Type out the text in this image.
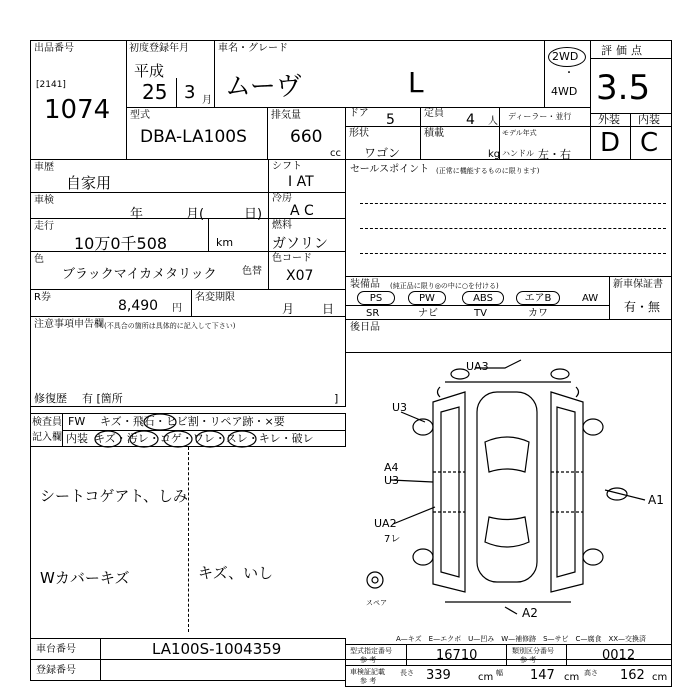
出品番号
[2141]
1074
初度登録年月
平成
25 3 月
車名・グレード
ムーヴ	L
2WD
・
4WD
評価点
3.5
外装 内装
D C
型式
DBA-LA100S
排気量
660
cc
ドア 5	定員 4 人 ディーラー・並行
形状
ワゴン
積載
kg
モデル年式
ハンドル 左・右
車歴
自家用
シフト
I AT
車検
年	月(	日)
冷房
A C
走行
10万0千508	km
燃料
ガソリン
色
ブラックマイカメタリック	色替
色コード
X07
R券
8,490 円
名変期限
月 日
注意事項申告欄 (不具合の箇所は具体的に記入して下さい)
修復歴 有 [箇所	]
検査員
記入欄
FW キズ・飛石・ヒビ割・リペア跡・×要
内装 キズ・汚レ・コゲ・ワレ・スレ・キレ・破レ
シートコゲアト、しみ
Wカバーキズ	キズ、いし
セールスポイント (正常に機能するものに限ります)
装備品 (純正品に限り◎の中に○を付ける)
PS	PW	ABS	エアB	AW
SR	ナビ	TV	カワ
新車保証書
有・無
後日品
UA3
U3
A4
U3
UA2
7レ
A1
A2
スペア
A—キズ　E—エクボ　U—凹み　W—補修跡　S—サビ　C—腐食　XX—交換済
車台番号	LA100S-1004359
登録番号
型式指定番号
参 考	16710	類別区分番号
参 考	0012
車検証記載
参 考
長さ 339	cm 幅 147 cm 高さ 162 cm
